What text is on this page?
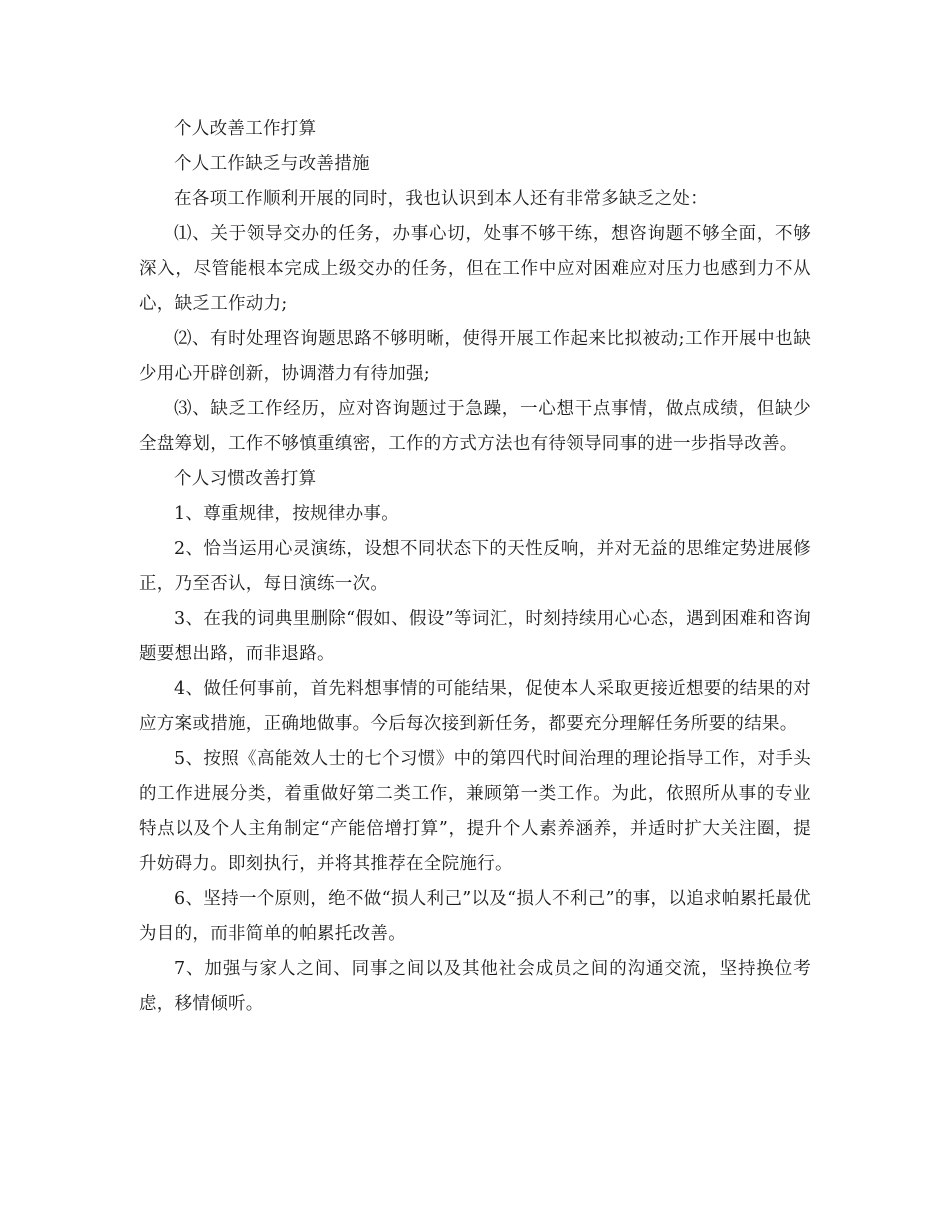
个人改善工作打算

个人工作缺乏与改善措施

在各项工作顺利开展的同时，我也认识到本人还有非常多缺乏之处：

⑴、关于领导交办的任务，办事心切，处事不够干练，想咨询题不够全面，不够深入，尽管能根本完成上级交办的任务，但在工作中应对困难应对压力也感到力不从心，缺乏工作动力;

⑵、有时处理咨询题思路不够明晰，使得开展工作起来比拟被动;工作开展中也缺少用心开辟创新，协调潜力有待加强;

⑶、缺乏工作经历，应对咨询题过于急躁，一心想干点事情，做点成绩，但缺少全盘筹划，工作不够慎重缜密，工作的方式方法也有待领导同事的进一步指导改善。

个人习惯改善打算

1、尊重规律，按规律办事。

2、恰当运用心灵演练，设想不同状态下的天性反响，并对无益的思维定势进展修正，乃至否认，每日演练一次。

3、在我的词典里删除“假如、假设”等词汇，时刻持续用心心态，遇到困难和咨询题要想出路，而非退路。

4、做任何事前，首先料想事情的可能结果，促使本人采取更接近想要的结果的对应方案或措施，正确地做事。今后每次接到新任务，都要充分理解任务所要的结果。

5、按照《高能效人士的七个习惯》中的第四代时间治理的理论指导工作，对手头的工作进展分类，着重做好第二类工作，兼顾第一类工作。为此，依照所从事的专业特点以及个人主角制定“产能倍增打算”，提升个人素养涵养，并适时扩大关注圈，提升妨碍力。即刻执行，并将其推荐在全院施行。

6、坚持一个原则，绝不做“损人利己”以及“损人不利己”的事，以追求帕累托最优为目的，而非简单的帕累托改善。

7、加强与家人之间、同事之间以及其他社会成员之间的沟通交流，坚持换位考虑，移情倾听。
